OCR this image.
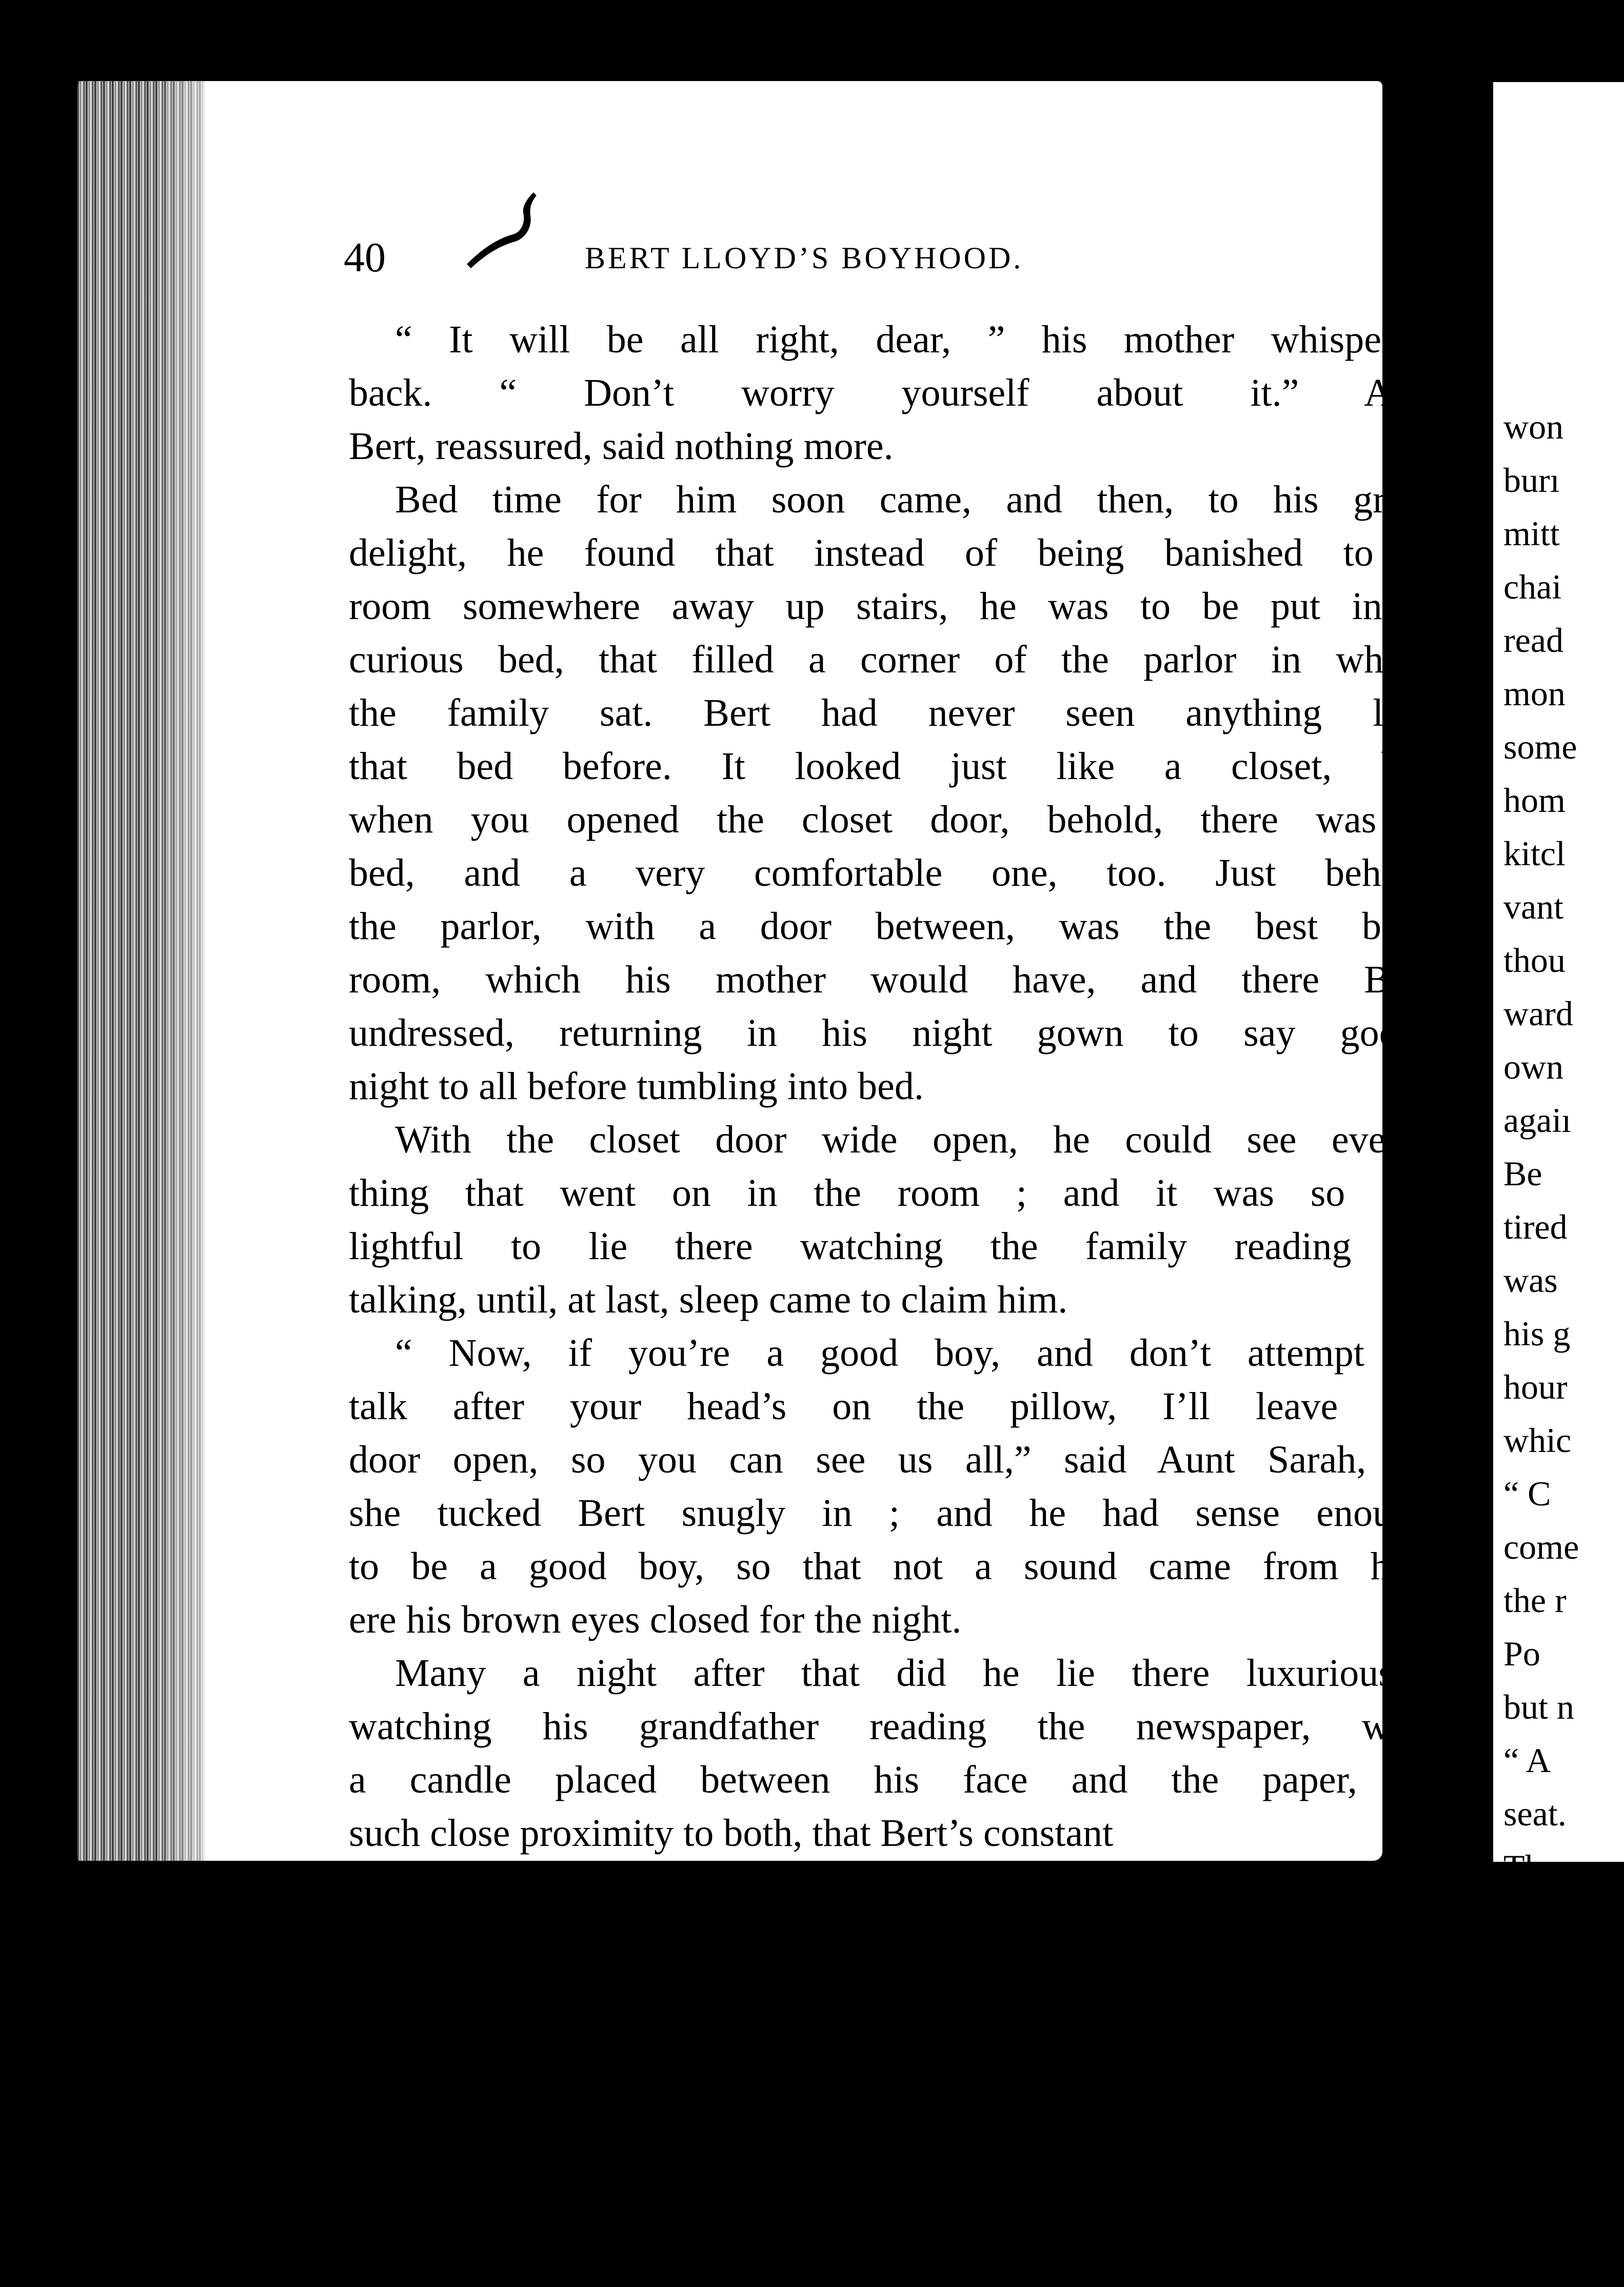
40	BERT LLOYD’S BOYHOOD.
“ It will be all right, dear, ” his mother whispered
back. “ Don’t worry yourself about it.” And
Bert, reassured, said nothing more.
Bed time for him soon came, and then, to his great
delight, he found that instead of being banished to a
room somewhere away up stairs, he was to be put in a
curious bed, that filled a corner of the parlor in which
the family sat. Bert had never seen anything like
that bed before. It looked just like a closet, but
when you opened the closet door, behold, there was a
bed, and a very comfortable one, too. Just behind
the parlor, with a door between, was the best bed-
room, which his mother would have, and there Bert
undressed, returning in his night gown to say good-
night to all before tumbling into bed.
With the closet door wide open, he could see every-
thing that went on in the room ; and it was so de-
lightful to lie there watching the family reading or
talking, until, at last, sleep came to claim him.
“ Now, if you’re a good boy, and don’t attempt to
talk after your head’s on the pillow, I’ll leave the
door open, so you can see us all,” said Aunt Sarah, as
she tucked Bert snugly in ; and he had sense enough
to be a good boy, so that not a sound came from him
ere his brown eyes closed for the night.
Many a night after that did he lie there luxuriously,
watching his grandfather reading the newspaper, with
a candle placed between his face and the paper, in
such close proximity to both, that Bert’s constant
won
burı
mitt
chai
read
mon
some
hom
kitcl
vant
thou
ward
own
agaiı
Be
tired
was
his g
hour
whic
“ C
come
the r
Po
but n
“ A
seat.
Th
boy, a
